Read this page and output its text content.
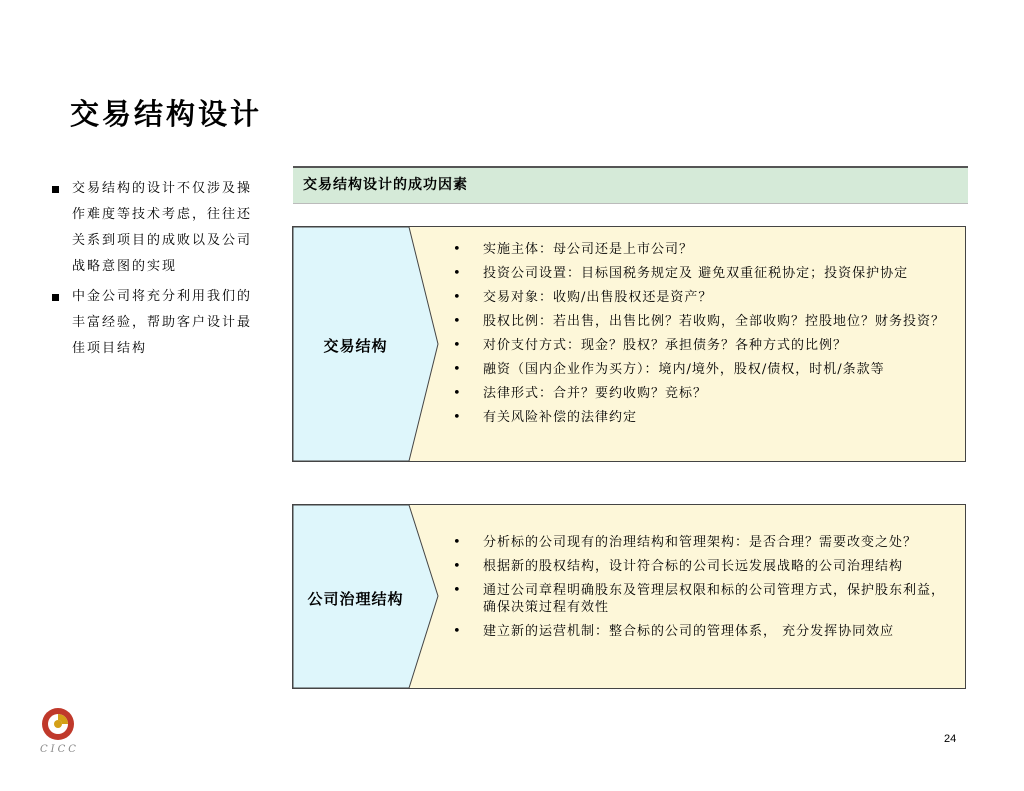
交易结构设计
交易结构的设计不仅涉及操作难度等技术考虑，往往还关系到项目的成败以及公司战略意图的实现
中金公司将充分利用我们的丰富经验，帮助客户设计最佳项目结构
交易结构设计的成功因素
交易结构
• 实施主体：母公司还是上市公司？
• 投资公司设置：目标国税务规定及 避免双重征税协定；投资保护协定
• 交易对象：收购/出售股权还是资产？
• 股权比例：若出售，出售比例？若收购，全部收购？控股地位？财务投资？
• 对价支付方式：现金？股权？承担债务？各种方式的比例？
• 融资（国内企业作为买方）：境内/境外，股权/债权，时机/条款等
• 法律形式：合并？要约收购？竞标？
• 有关风险补偿的法律约定
公司治理结构
• 分析标的公司现有的治理结构和管理架构：是否合理？需要改变之处？
• 根据新的股权结构，设计符合标的公司长远发展战略的公司治理结构
• 通过公司章程明确股东及管理层权限和标的公司管理方式，保护股东利益，确保决策过程有效性
• 建立新的运营机制：整合标的公司的管理体系， 充分发挥协同效应
CICC
24
